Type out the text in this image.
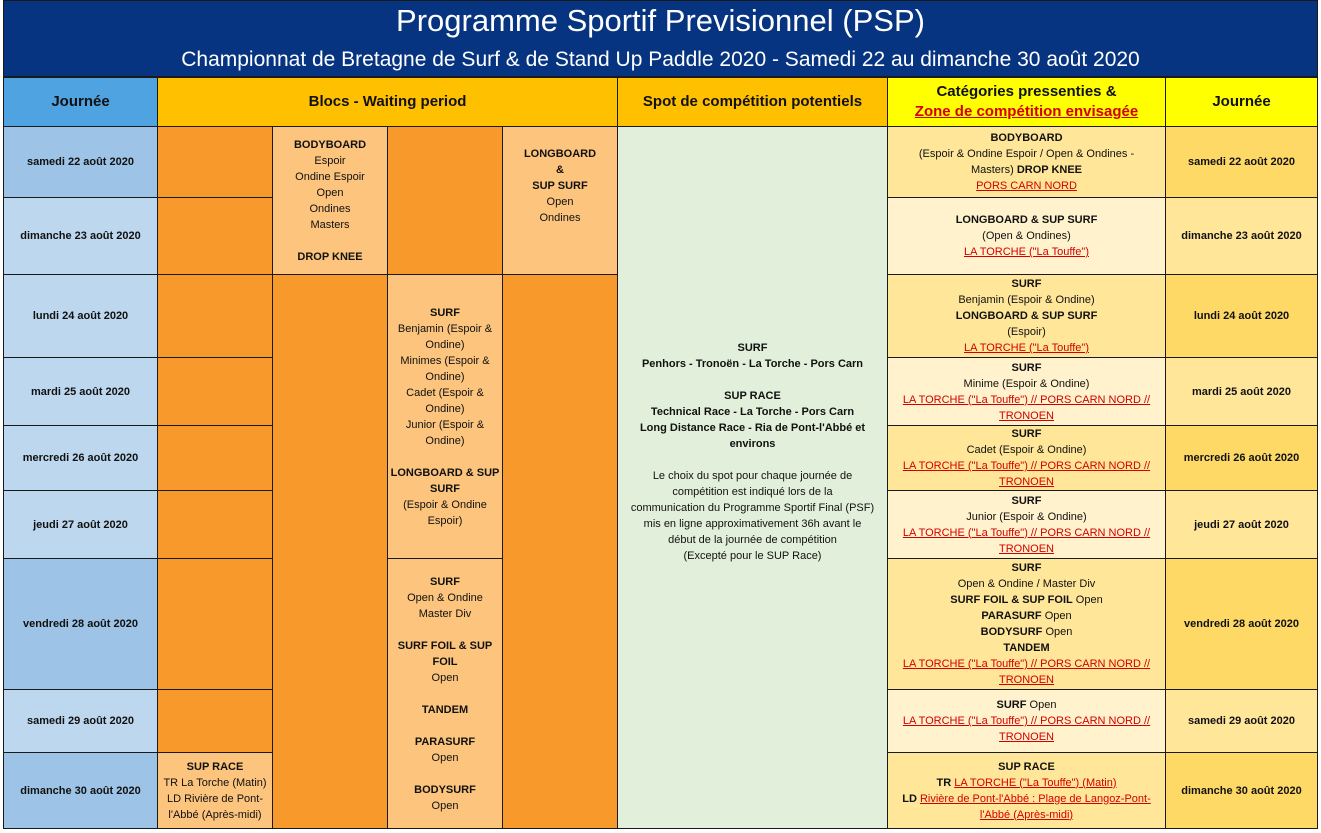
Programme Sportif Previsionnel (PSP)
Championnat de Bretagne de Surf & de Stand Up Paddle 2020 - Samedi 22 au dimanche 30 août 2020
Journée	Blocs - Waiting period	Spot de compétition potentiels
Catégories pressenties &
Zone de compétition envisagée
Journée
samedi 22 août 2020
dimanche 23 août 2020
lundi 24 août 2020
mardi 25 août 2020
mercredi 26 août 2020
jeudi 27 août 2020
vendredi 28 août 2020
samedi 29 août 2020
dimanche 30 août 2020
SUP RACE
TR La Torche (Matin)
LD Rivière de Pont-
l'Abbé (Après-midi)
BODYBOARD
Espoir
Ondine Espoir
Open
Ondines
Masters
DROP KNEE
SURF
Benjamin (Espoir &
Ondine)
Minimes (Espoir &
Ondine)
Cadet (Espoir &
Ondine)
Junior (Espoir &
Ondine)
LONGBOARD & SUP
SURF
(Espoir & Ondine
Espoir)
SURF
Open & Ondine
Master Div
SURF FOIL & SUP
FOIL
Open
TANDEM
PARASURF
Open
BODYSURF
Open
LONGBOARD
&
SUP SURF
Open
Ondines
SURF
Penhors - Tronoën - La Torche - Pors Carn
SUP RACE
Technical Race - La Torche - Pors Carn
Long Distance Race - Ria de Pont-l'Abbé et environs
Le choix du spot pour chaque journée de
compétition est indiqué lors de la
communication du Programme Sportif Final (PSF)
mis en ligne approximativement 36h avant le
début de la journée de compétition
(Excepté pour le SUP Race)
BODYBOARD
(Espoir & Ondine Espoir / Open & Ondines -
Masters) DROP KNEE
PORS CARN NORD
LONGBOARD & SUP SURF
(Open & Ondines)
LA TORCHE ("La Touffe")
SURF
Benjamin (Espoir & Ondine)
LONGBOARD & SUP SURF
(Espoir)
LA TORCHE ("La Touffe")
SURF
Minime (Espoir & Ondine)
LA TORCHE ("La Touffe") // PORS CARN NORD //
TRONOEN
SURF
Cadet (Espoir & Ondine)
LA TORCHE ("La Touffe") // PORS CARN NORD //
TRONOEN
SURF
Junior (Espoir & Ondine)
LA TORCHE ("La Touffe") // PORS CARN NORD //
TRONOEN
SURF
Open & Ondine / Master Div
SURF FOIL & SUP FOIL Open
PARASURF Open
BODYSURF Open
TANDEM
LA TORCHE ("La Touffe") // PORS CARN NORD //
TRONOEN
SURF Open
LA TORCHE ("La Touffe") // PORS CARN NORD //
TRONOEN
SUP RACE
TR LA TORCHE ("La Touffe") (Matin)
LD Rivière de Pont-l'Abbé : Plage de Langoz-Pont-
l'Abbé (Après-midi)
samedi 22 août 2020
dimanche 23 août 2020
lundi 24 août 2020
mardi 25 août 2020
mercredi 26 août 2020
jeudi 27 août 2020
vendredi 28 août 2020
samedi 29 août 2020
dimanche 30 août 2020
